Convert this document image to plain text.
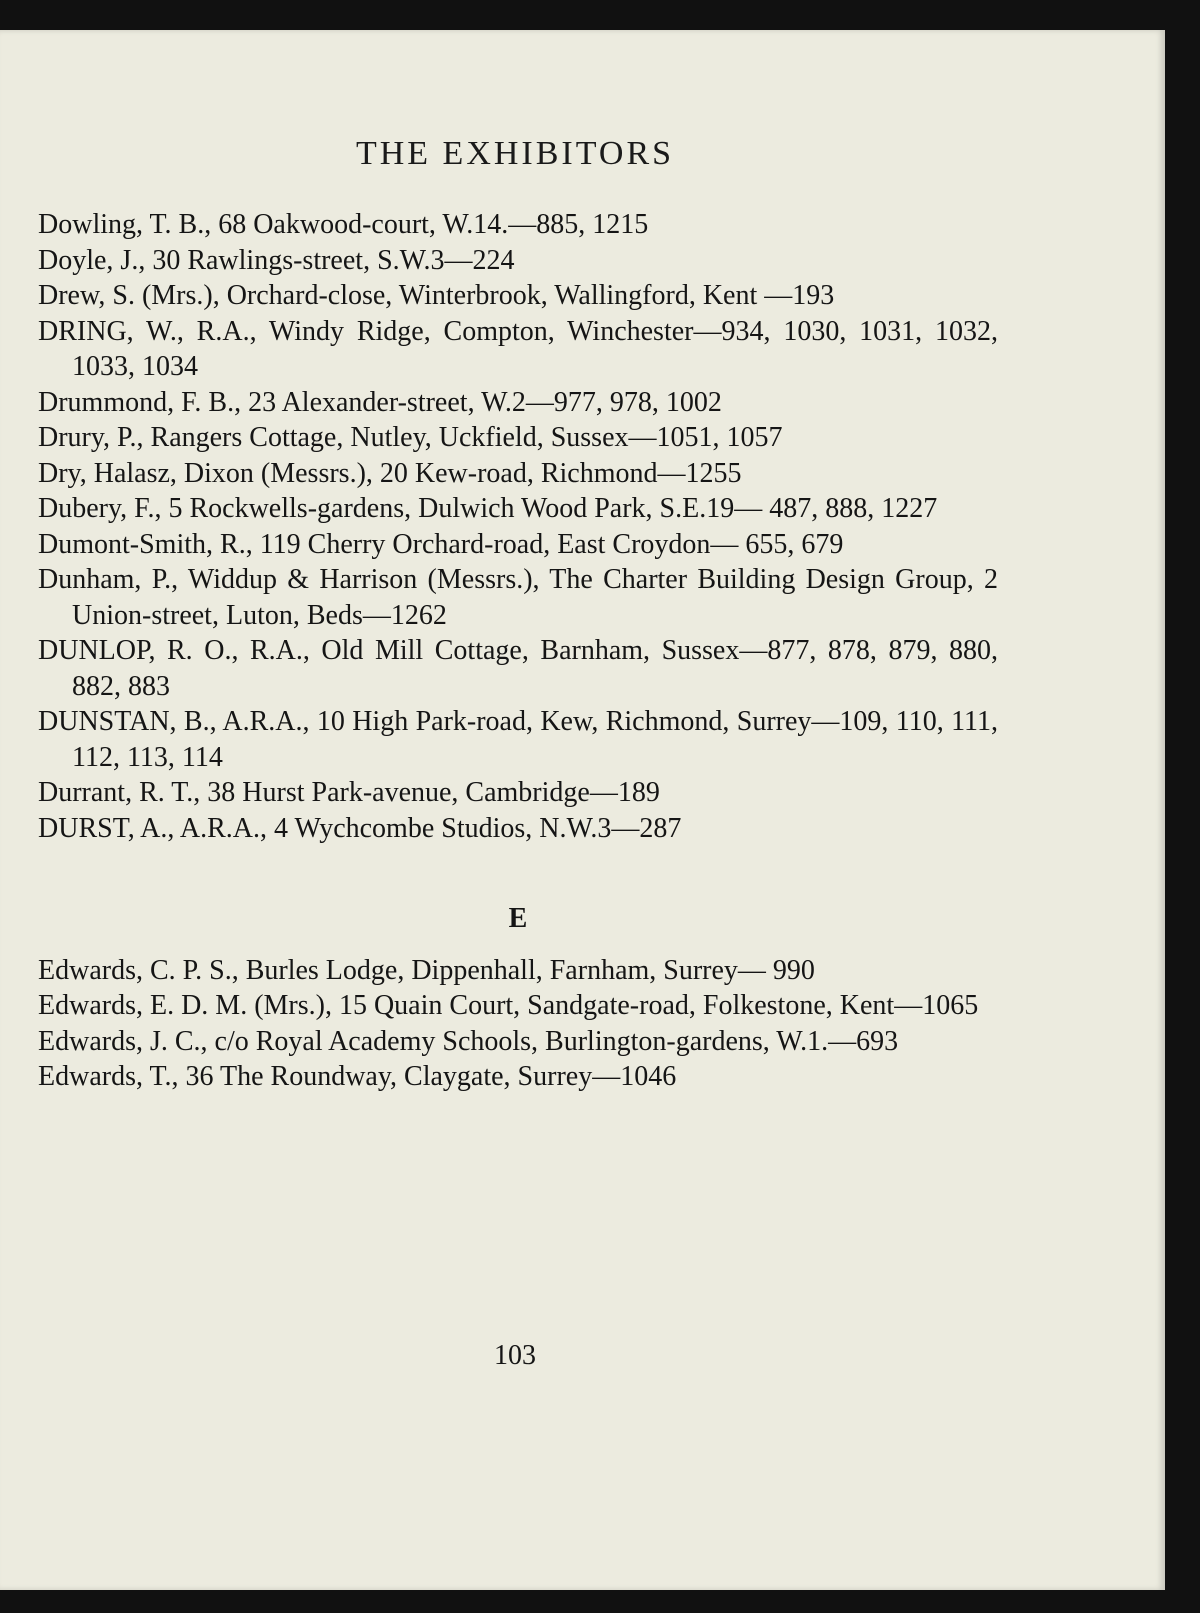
THE EXHIBITORS

Dowling, T. B., 68 Oakwood-court, W.14.—885, 1215

Doyle, J., 30 Rawlings-street, S.W.3—224

Drew, S. (Mrs.), Orchard-close, Winterbrook, Wallingford, Kent —193

DRING, W., R.A., Windy Ridge, Compton, Winchester—934, 1030, 1031, 1032, 1033, 1034

Drummond, F. B., 23 Alexander-street, W.2—977, 978, 1002

Drury, P., Rangers Cottage, Nutley, Uckfield, Sussex—1051, 1057

Dry, Halasz, Dixon (Messrs.), 20 Kew-road, Richmond—1255

Dubery, F., 5 Rockwells-gardens, Dulwich Wood Park, S.E.19— 487, 888, 1227

Dumont-Smith, R., 119 Cherry Orchard-road, East Croydon— 655, 679

Dunham, P., Widdup & Harrison (Messrs.), The Charter Building Design Group, 2 Union-street, Luton, Beds—1262

DUNLOP, R. O., R.A., Old Mill Cottage, Barnham, Sussex—877, 878, 879, 880, 882, 883

DUNSTAN, B., A.R.A., 10 High Park-road, Kew, Richmond, Surrey—109, 110, 111, 112, 113, 114

Durrant, R. T., 38 Hurst Park-avenue, Cambridge—189

DURST, A., A.R.A., 4 Wychcombe Studios, N.W.3—287

E

Edwards, C. P. S., Burles Lodge, Dippenhall, Farnham, Surrey— 990

Edwards, E. D. M. (Mrs.), 15 Quain Court, Sandgate-road, Folkestone, Kent—1065

Edwards, J. C., c/o Royal Academy Schools, Burlington-gardens, W.1.—693

Edwards, T., 36 The Roundway, Claygate, Surrey—1046

103
